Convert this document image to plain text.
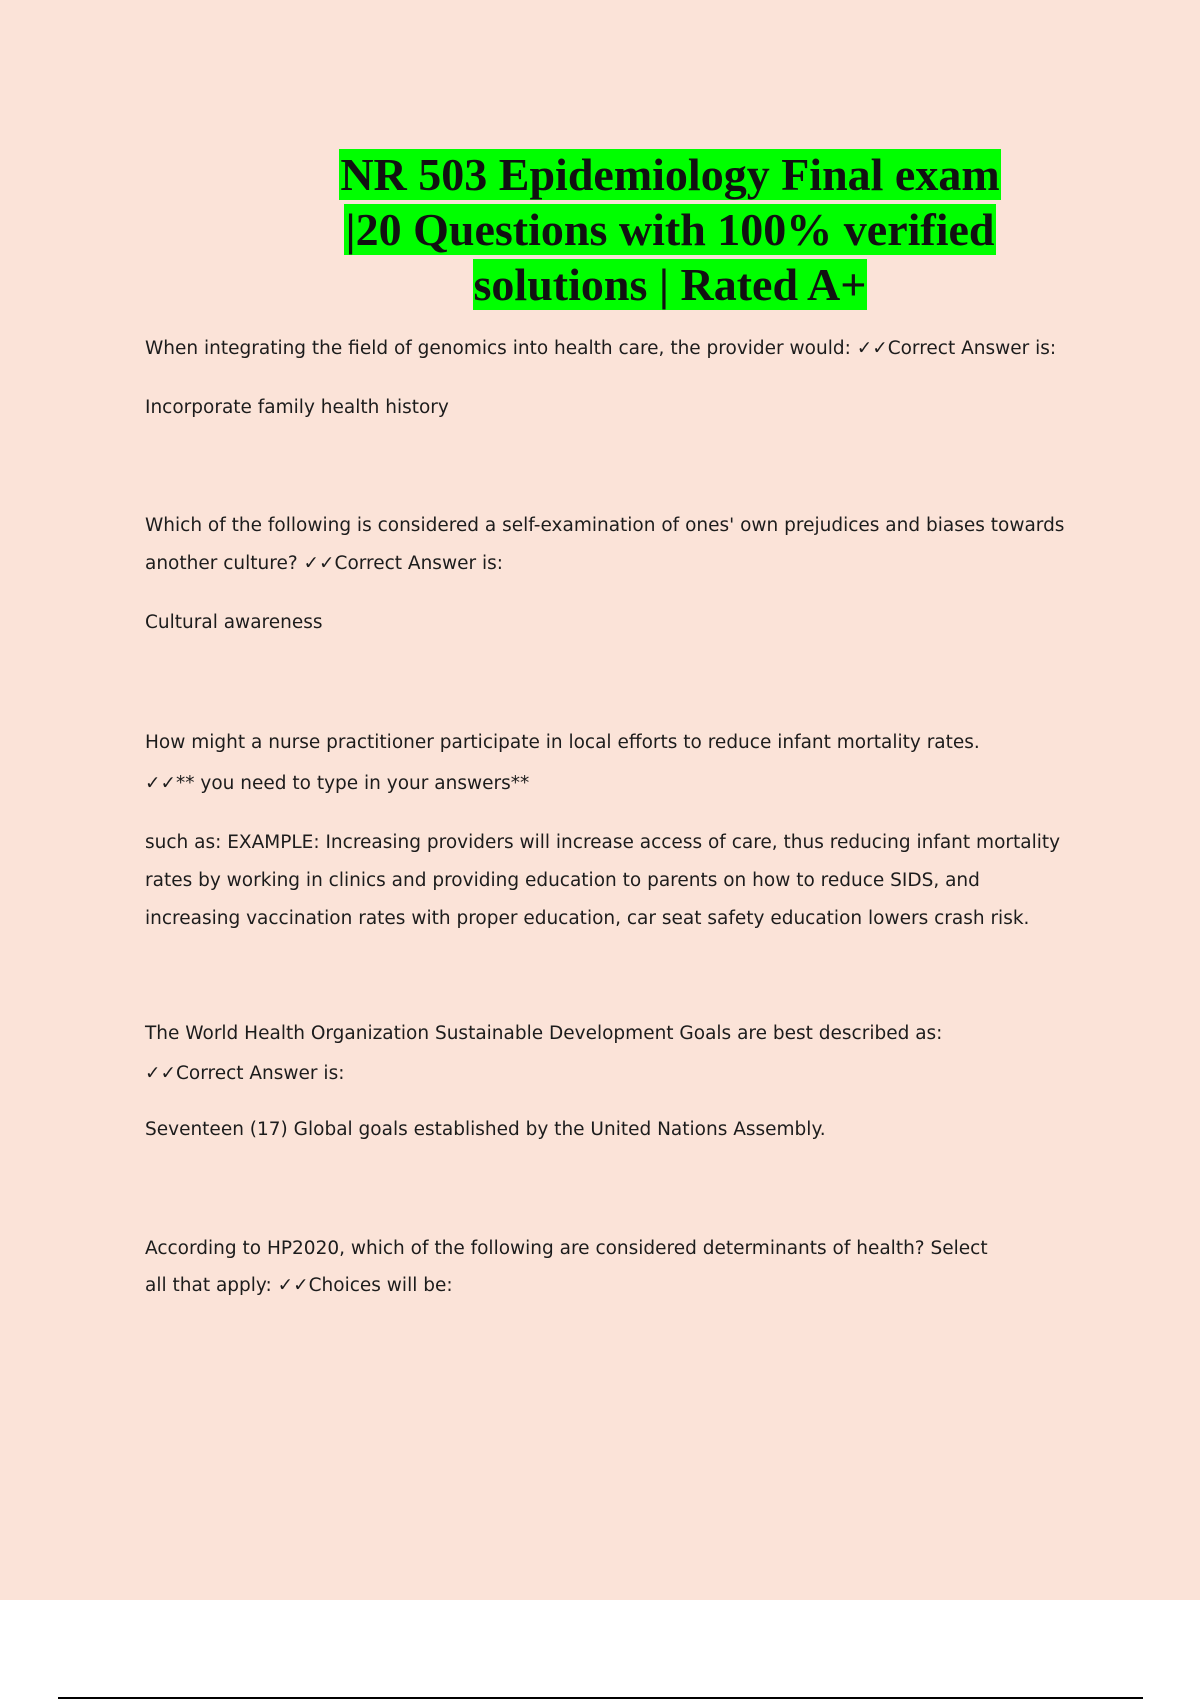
NR 503 Epidemiology Final exam
|20 Questions with 100% verified
solutions | Rated A+

When integrating the field of genomics into health care, the provider would: ✓✓Correct Answer is:

Incorporate family health history

Which of the following is considered a self-examination of ones' own prejudices and biases towards another culture? ✓✓Correct Answer is:

Cultural awareness

How might a nurse practitioner participate in local efforts to reduce infant mortality rates. ✓✓** you need to type in your answers**

such as: EXAMPLE: Increasing providers will increase access of care, thus reducing infant mortality rates by working in clinics and providing education to parents on how to reduce SIDS, and increasing vaccination rates with proper education, car seat safety education lowers crash risk.

The World Health Organization Sustainable Development Goals are best described as: ✓✓Correct Answer is:

Seventeen (17) Global goals established by the United Nations Assembly.

According to HP2020, which of the following are considered determinants of health? Select all that apply: ✓✓Choices will be:
